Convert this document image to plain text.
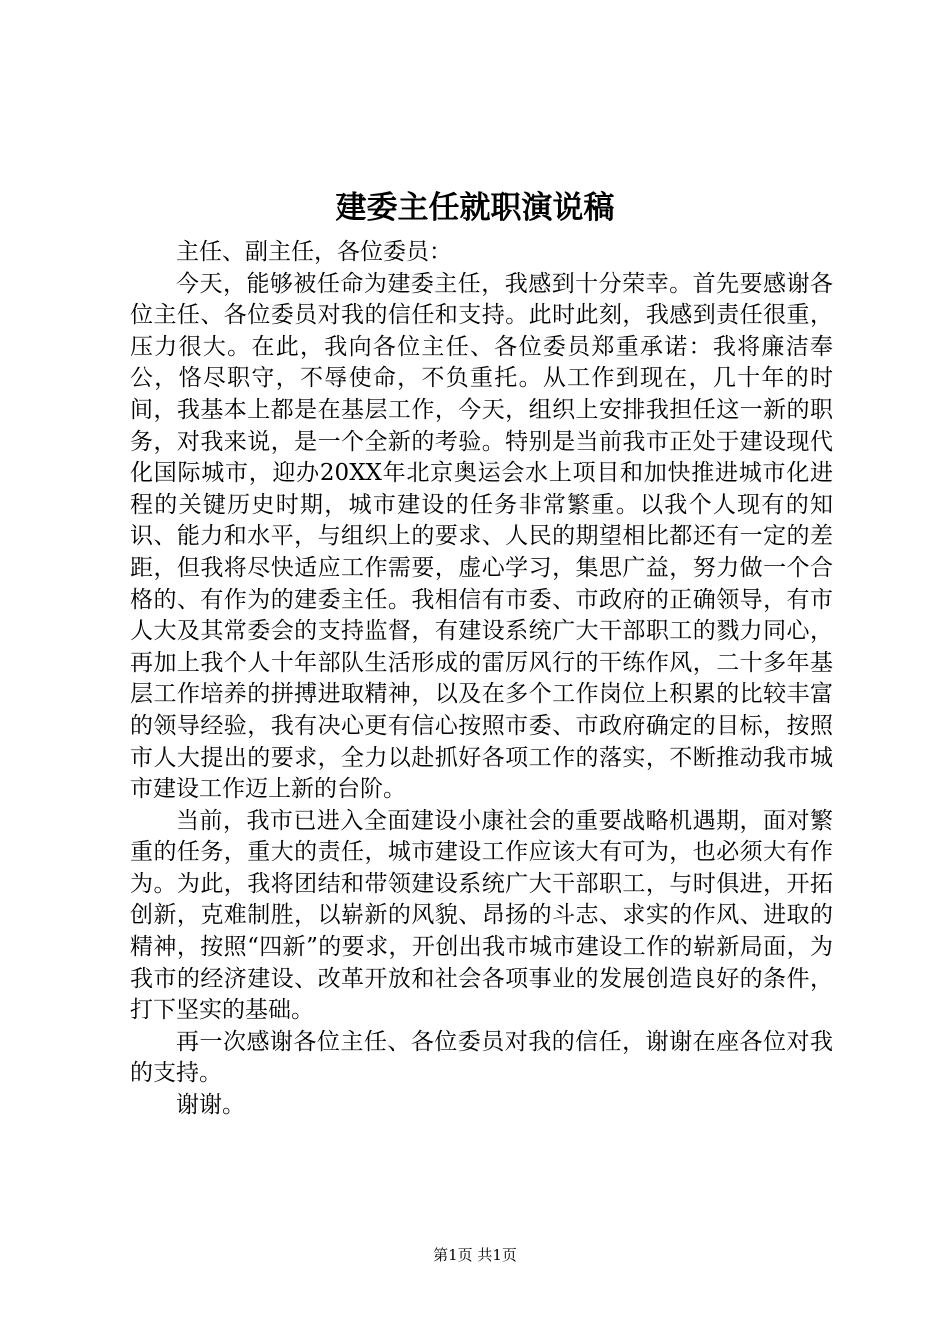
建委主任就职演说稿

主任、副主任，各位委员：

今天，能够被任命为建委主任，我感到十分荣幸。首先要感谢各位主任、各位委员对我的信任和支持。此时此刻，我感到责任很重，压力很大。在此，我向各位主任、各位委员郑重承诺：我将廉洁奉公，恪尽职守，不辱使命，不负重托。从工作到现在，几十年的时间，我基本上都是在基层工作，今天，组织上安排我担任这一新的职务，对我来说，是一个全新的考验。特别是当前我市正处于建设现代化国际城市，迎办20XX年北京奥运会水上项目和加快推进城市化进程的关键历史时期，城市建设的任务非常繁重。以我个人现有的知识、能力和水平，与组织上的要求、人民的期望相比都还有一定的差距，但我将尽快适应工作需要，虚心学习，集思广益，努力做一个合格的、有作为的建委主任。我相信有市委、市政府的正确领导，有市人大及其常委会的支持监督，有建设系统广大干部职工的戮力同心，再加上我个人十年部队生活形成的雷厉风行的干练作风，二十多年基层工作培养的拼搏进取精神，以及在多个工作岗位上积累的比较丰富的领导经验，我有决心更有信心按照市委、市政府确定的目标，按照市人大提出的要求，全力以赴抓好各项工作的落实，不断推动我市城市建设工作迈上新的台阶。

当前，我市已进入全面建设小康社会的重要战略机遇期，面对繁重的任务，重大的责任，城市建设工作应该大有可为，也必须大有作为。为此，我将团结和带领建设系统广大干部职工，与时俱进，开拓创新，克难制胜，以崭新的风貌、昂扬的斗志、求实的作风、进取的精神，按照“四新”的要求，开创出我市城市建设工作的崭新局面，为我市的经济建设、改革开放和社会各项事业的发展创造良好的条件，打下坚实的基础。

再一次感谢各位主任、各位委员对我的信任，谢谢在座各位对我的支持。

谢谢。

第1页 共1页
